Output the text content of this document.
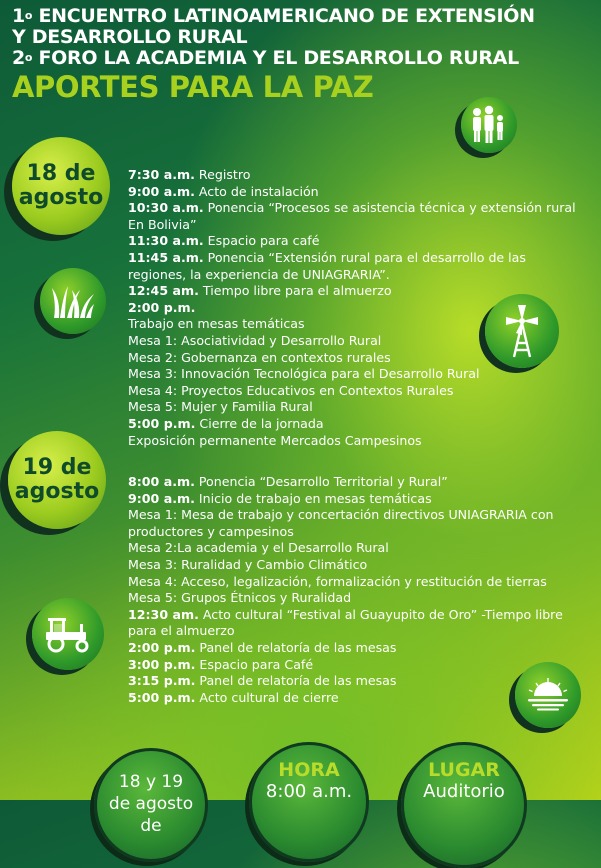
1$^o$ ENCUENTRO LATINOAMERICANO DE EXTENSIÓN

Y DESARROLLO RURAL

2$^o$ FORO LA ACADEMIA Y EL DESARROLLO RURAL

APORTES PARA LA PAZ

18 de
agosto

7:30 a.m. Registro

9:00 a.m. Acto de instalación

10:30 a.m. Ponencia “Procesos se asistencia técnica y extensión rural En Bolivia”

11:30 a.m. Espacio para café

11:45 a.m. Ponencia “Extensión rural para el desarrollo de las regiones, la experiencia de UNIAGRARIA”.

12:45 am. Tiempo libre para el almuerzo

2:00 p.m.

Trabajo en mesas temáticas

Mesa 1: Asociatividad y Desarrollo Rural

Mesa 2: Gobernanza en contextos rurales

Mesa 3: Innovación Tecnológica para el Desarrollo Rural

Mesa 4: Proyectos Educativos en Contextos Rurales

Mesa 5: Mujer y Familia Rural

5:00 p.m. Cierre de la jornada

Exposición permanente Mercados Campesinos

19 de
agosto 8:00 a.m. Ponencia “Desarrollo Territorial y Rural”

9:00 a.m. Inicio de trabajo en mesas temáticas

Mesa 1: Mesa de trabajo y concertación directivos UNIAGRARIA con productores y campesinos

Mesa 2:La academia y el Desarrollo Rural

Mesa 3: Ruralidad y Cambio Climático

Mesa 4: Acceso, legalización, formalización y restitución de tierras

Mesa 5: Grupos Étnicos y Ruralidad

12:30 am. Acto cultural “Festival al Guayupito de Oro” -Tiempo libre para el almuerzo

2:00 p.m. Panel de relatoría de las mesas

3:00 p.m. Espacio para Café

3:15 p.m. Panel de relatoría de las mesas

5:00 p.m. Acto cultural de cierre

18 y 19 de agosto de
HORA
8:00 a.m.
LUGAR
Auditorio
